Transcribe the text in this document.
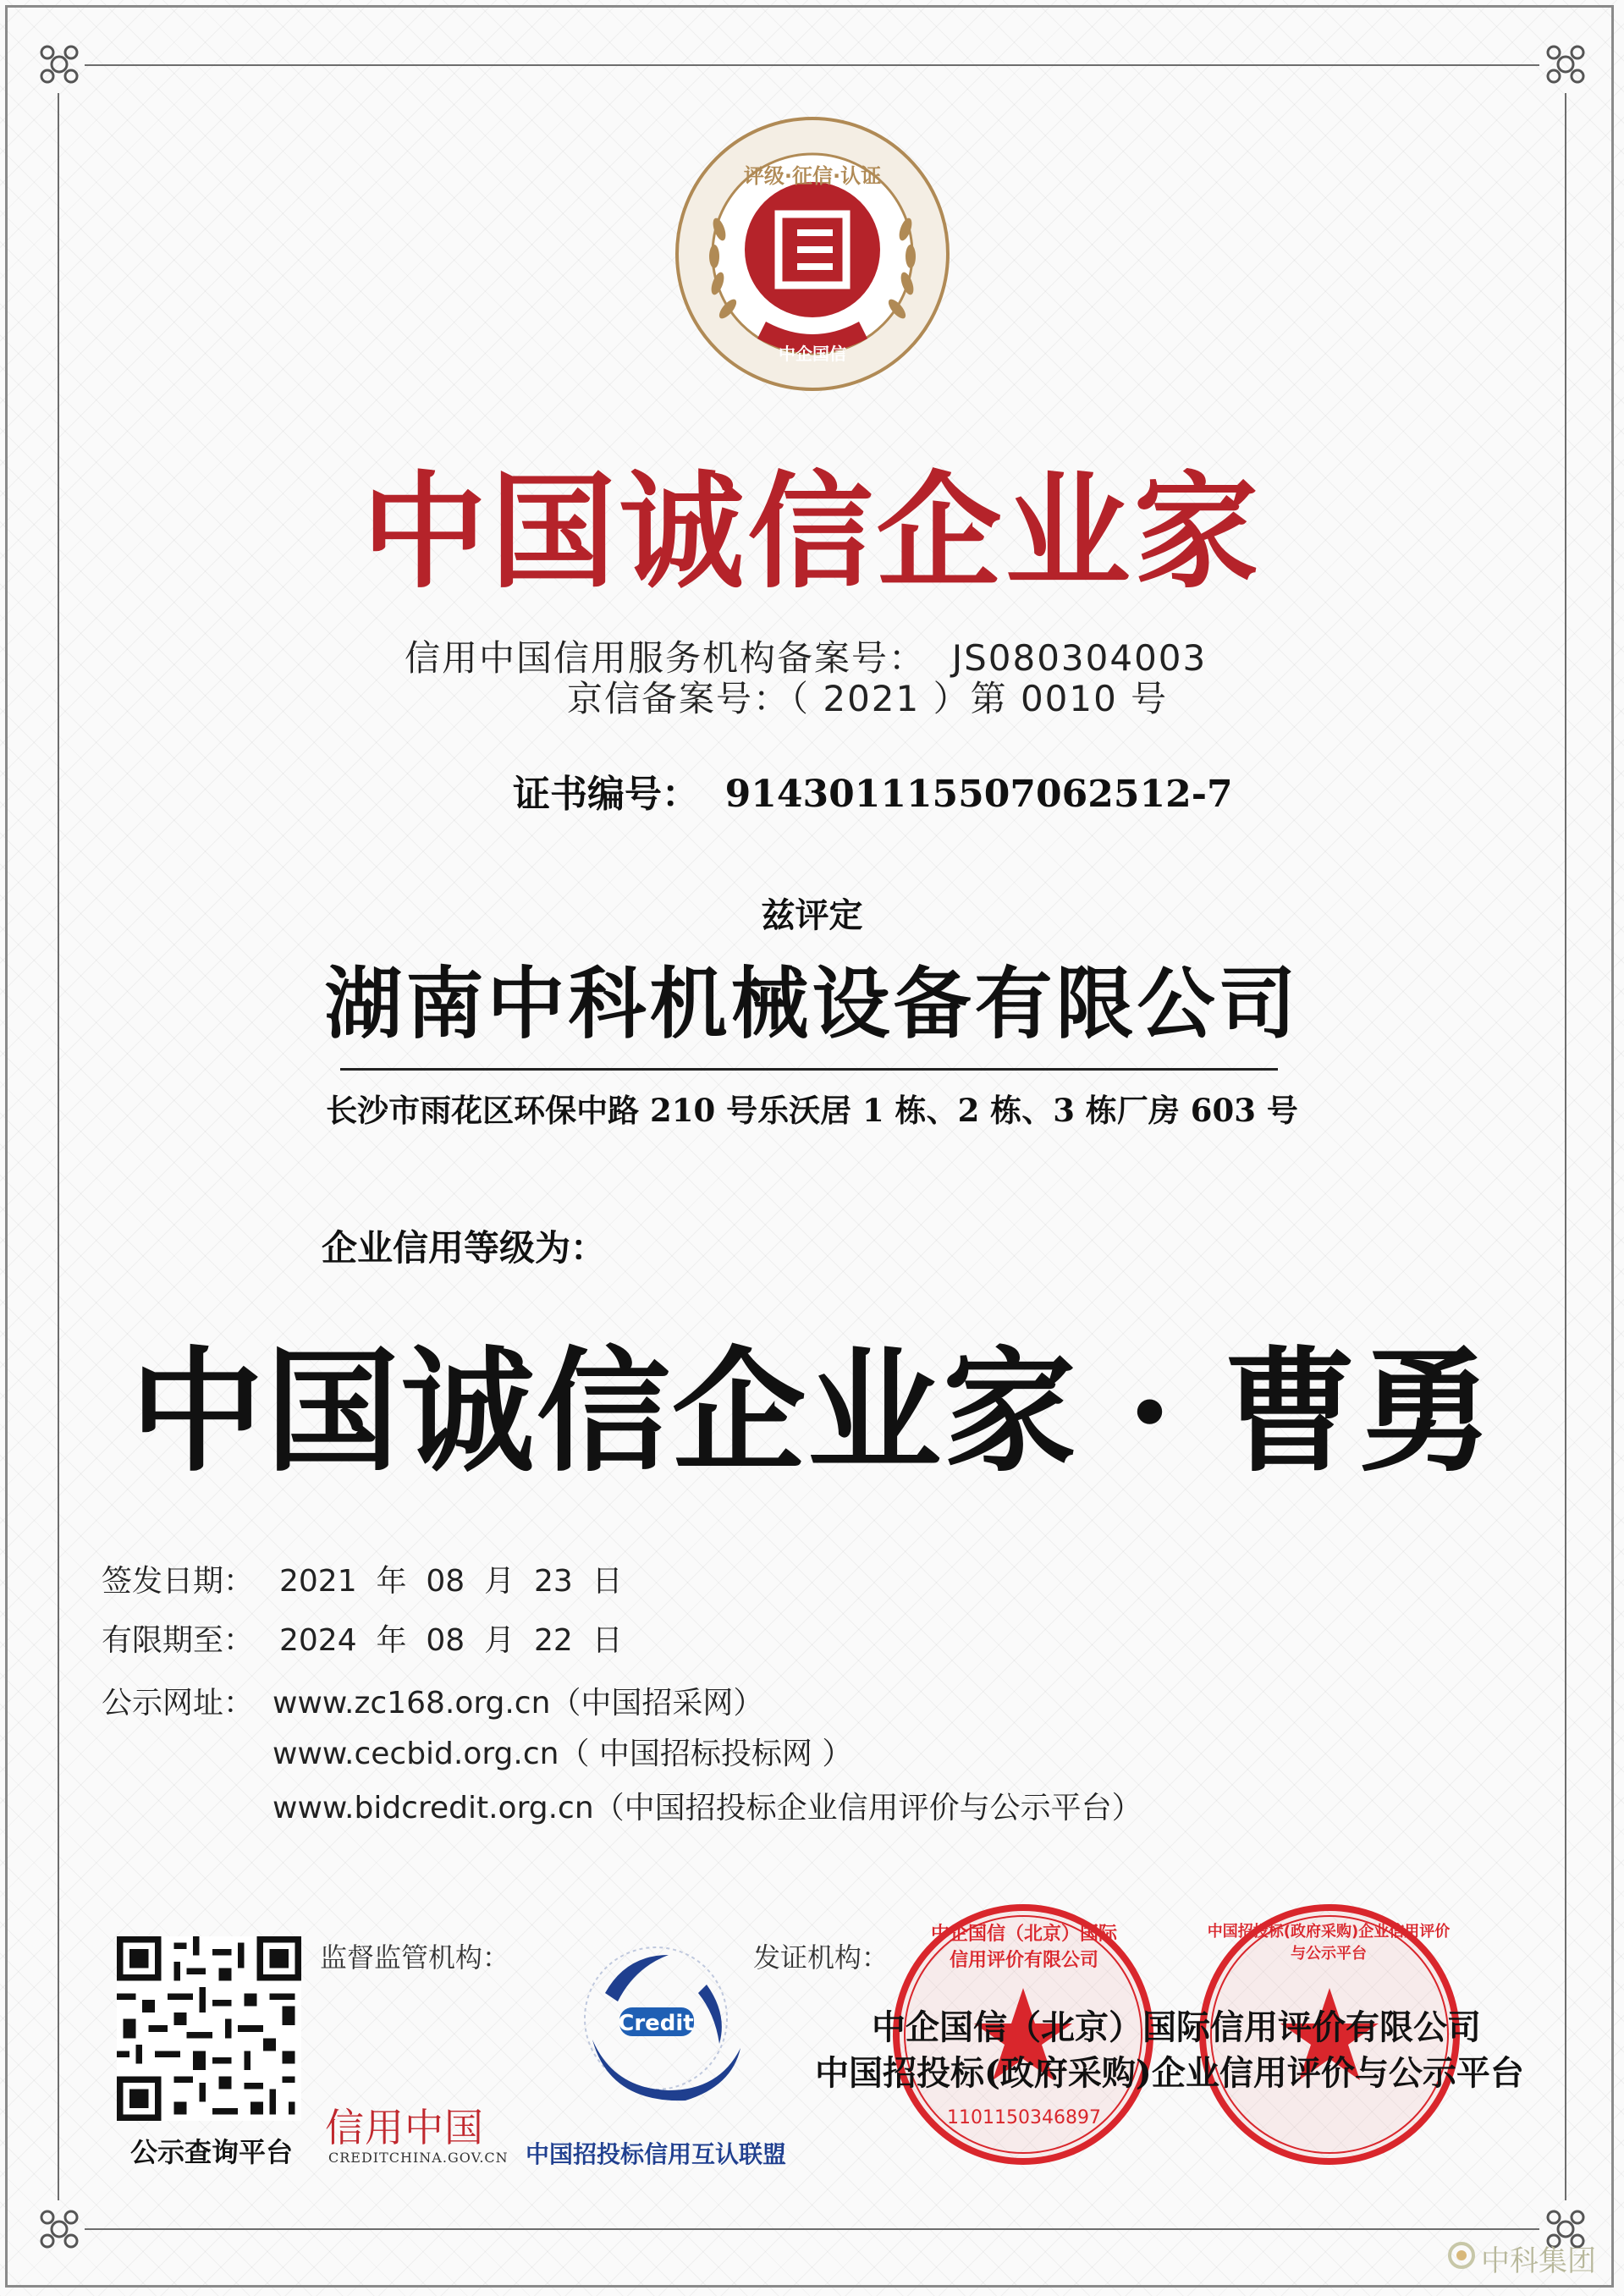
评级·征信·认证
中企国信
中国诚信企业家
信用中国信用服务机构备案号：  JS080304003
京信备案号：（ 2021 ）第 0010 号
证书编号：  91430111550706251​2-7
兹评定
湖南中科机械设备有限公司
长沙市雨花区环保中路 210 号乐沃居 1 栋、2 栋、3 栋厂房 603 号
企业信用等级为：
中国诚信企业家 · 曹勇
签发日期： 2021  年  08  月  23  日
有限期至： 2024  年  08  月  22  日
公示网址： www.zc168.org.cn（中国招采网）
www.cecbid.org.cn（ 中国招标投标网 ）
www.bidcredit.org.cn（中国招投标企业信用评价与公示平台）
公示查询平台
监督监管机构：
信用中国
CREDITCHINA.GOV.CN
Credit
中国招投标信用互认联盟
发证机构：
中企国信（北京）国际信用评价有限公司
1101150346897
中国招投标(政府采购)企业信用评价与公示平台
中企国信（北京）国际信用评价有限公司
中国招投标(政府采购)企业信用评价与公示平台
中科集团
